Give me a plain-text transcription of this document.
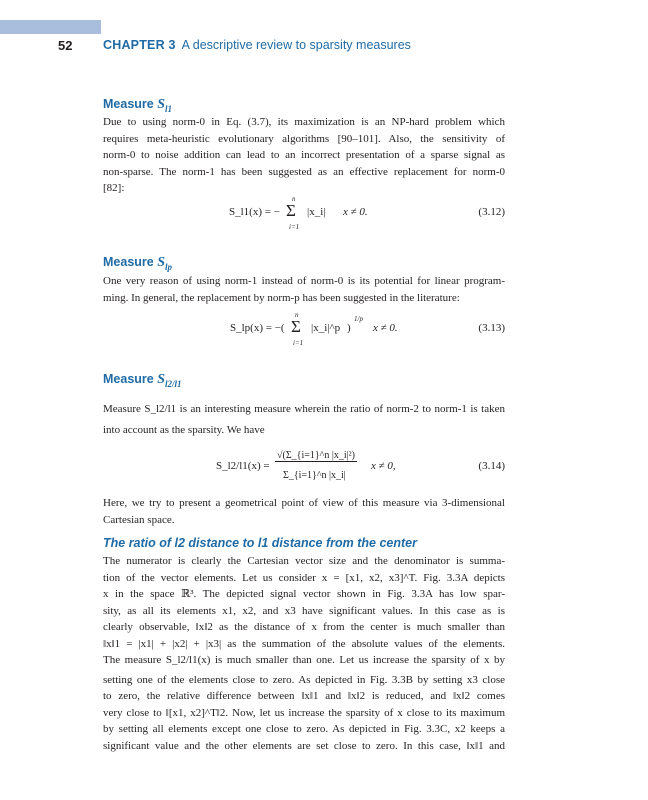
52 CHAPTER 3 A descriptive review to sparsity measures
Measure $S_{l1}$
Due to using norm-0 in Eq. (3.7), its maximization is an NP-hard problem which
requires meta-heuristic evolutionary algorithms [90–101]. Also, the sensitivity of
norm-0 to noise addition can lead to an incorrect presentation of a sparse signal as
non-sparse. The norm-1 has been suggested as an effective replacement for norm-0
[82]:
S_l1(x) = −
n
Σ
i=1
|x_i| x ≠ 0.	(3.12)
Measure $S_{lp}$
One very reason of using norm-1 instead of norm-0 is its potential for linear program-
ming. In general, the replacement by norm-p has been suggested in the literature:
S_lp(x) = −(
n
Σ
i=1
|x_i|^p )
1/p
x ≠ 0.	(3.13)
Measure $S_{l2/l1}$
Measure S_l2/l1 is an interesting measure wherein the ratio of norm-2 to norm-1 is taken
into account as the sparsity. We have
S_l2/l1(x) =
√(Σ_{i=1}^n |x_i|²)
Σ_{i=1}^n |x_i|
x ≠ 0,	(3.14)
Here, we try to present a geometrical point of view of this measure via 3-dimensional
Cartesian space.
The ratio of l2 distance to l1 distance from the center
The numerator is clearly the Cartesian vector size and the denominator is summa-
tion of the vector elements. Let us consider x = [x1, x2, x3]^T. Fig. 3.3A depicts
x in the space ℝ³. The depicted signal vector shown in Fig. 3.3A has low spar-
sity, as all its elements x1, x2, and x3 have significant values. In this case as is
clearly observable, ‖x‖2 as the distance of x from the center is much smaller than
‖x‖1 = |x1| + |x2| + |x3| as the summation of the absolute values of the elements.
The measure S_l2/l1(x) is much smaller than one. Let us increase the sparsity of x by
setting one of the elements close to zero. As depicted in Fig. 3.3B by setting x3 close
to zero, the relative difference between ‖x‖1 and ‖x‖2 is reduced, and ‖x‖2 comes
very close to ‖[x1, x2]^T‖2. Now, let us increase the sparsity of x close to its maximum
by setting all elements except one close to zero. As depicted in Fig. 3.3C, x2 keeps a
significant value and the other elements are set close to zero. In this case, ‖x‖1 and
